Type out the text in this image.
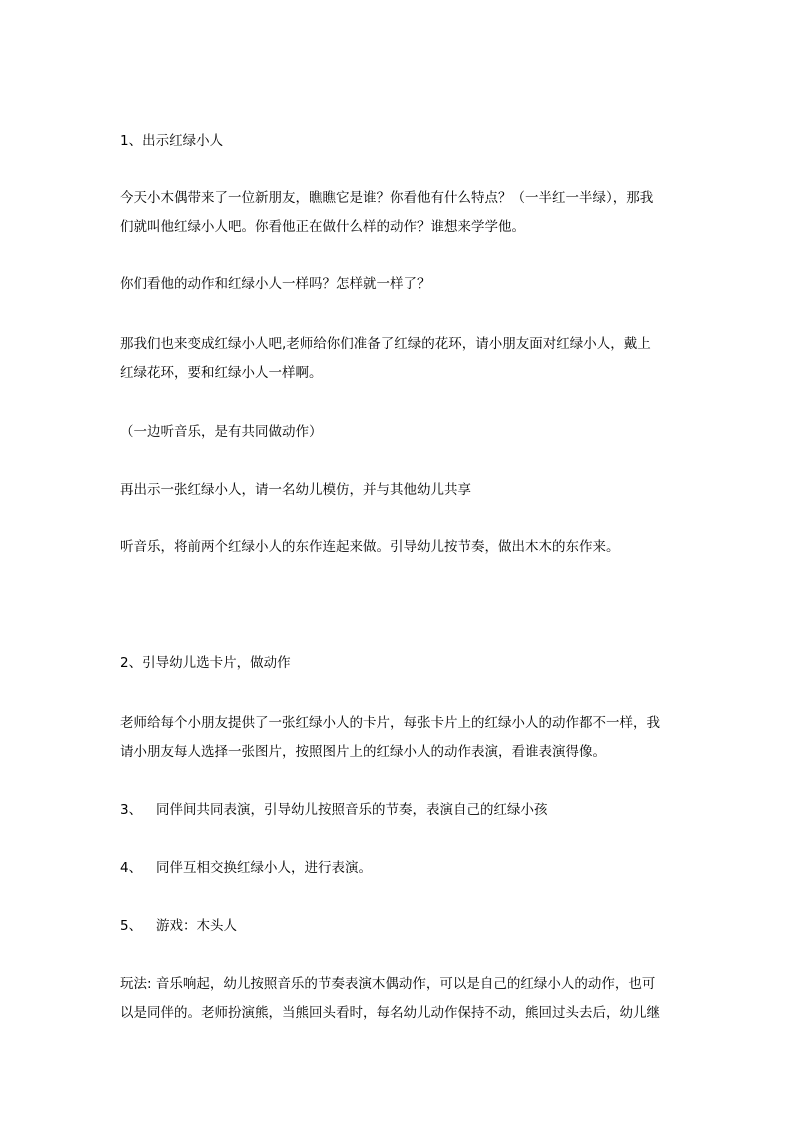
1、出示红绿小人
今天小木偶带来了一位新朋友，瞧瞧它是谁？你看他有什么特点？（一半红一半绿），那我
们就叫他红绿小人吧。你看他正在做什么样的动作？谁想来学学他。
你们看他的动作和红绿小人一样吗？怎样就一样了？
那我们也来变成红绿小人吧,老师给你们准备了红绿的花环，请小朋友面对红绿小人，戴上
红绿花环，要和红绿小人一样啊。
（一边听音乐，是有共同做动作）
再出示一张红绿小人，请一名幼儿模仿，并与其他幼儿共享
听音乐，将前两个红绿小人的东作连起来做。引导幼儿按节奏，做出木木的东作来。
2、引导幼儿选卡片，做动作
老师给每个小朋友提供了一张红绿小人的卡片，每张卡片上的红绿小人的动作都不一样，我
请小朋友每人选择一张图片，按照图片上的红绿小人的动作表演，看谁表演得像。
3、 同伴间共同表演，引导幼儿按照音乐的节奏，表演自己的红绿小孩
4、 同伴互相交换红绿小人，进行表演。
5、 游戏：木头人
玩法: 音乐响起，幼儿按照音乐的节奏表演木偶动作，可以是自己的红绿小人的动作，也可
以是同伴的。老师扮演熊，当熊回头看时，每名幼儿动作保持不动，熊回过头去后，幼儿继
